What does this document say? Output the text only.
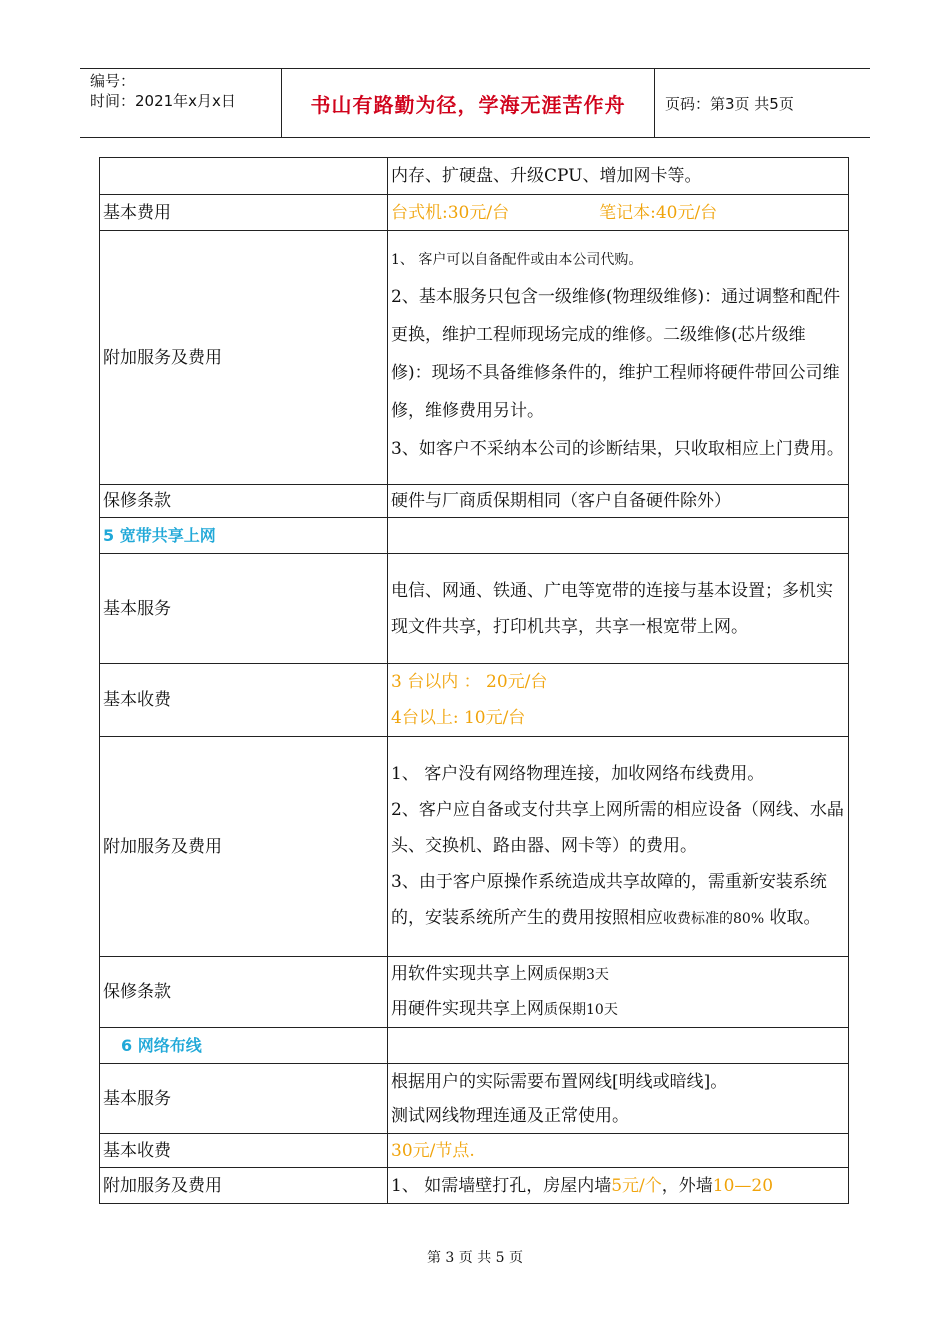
编号：
时间：2021年x月x日	书山有路勤为径，学海无涯苦作舟	页码：第3页 共5页
	内存、扩硬盘、升级CPU、增加网卡等。
基本费用	台式机:30元/台 笔记本:40元/台
附加服务及费用	1、 客户可以自备配件或由本公司代购。

2、基本服务只包含一级维修(物理级维修)：通过调整和配件更换，维护工程师现场完成的维修。二级维修(芯片级维修)：现场不具备维修条件的，维护工程师将硬件带回公司维修，维修费用另计。

3、如客户不采纳本公司的诊断结果，只收取相应上门费用。

保修条款	硬件与厂商质保期相同（客户自备硬件除外）
5 宽带共享上网	
基本服务	电信、网通、铁通、广电等宽带的连接与基本设置；多机实现文件共享，打印机共享，共享一根宽带上网。
基本收费	3 台以内 ： 20元/台
4台以上: 10元/台

附加服务及费用	1、 客户没有网络物理连接，加收网络布线费用。
2、客户应自备或支付共享上网所需的相应设备（网线、水晶头、交换机、路由器、网卡等）的费用。
3、由于客户原操作系统造成共享故障的，需重新安装系统的，安装系统所产生的费用按照相应收费标准的80% 收取。

保修条款	用软件实现共享上网质保期3天
用硬件实现共享上网质保期10天

6 网络布线	
基本服务	根据用户的实际需要布置网线[明线或暗线]。
测试网线物理连通及正常使用。

基本收费	30元/节点.
附加服务及费用	1、 如需墙壁打孔，房屋内墙5元/个，外墙10—20
第 3 页 共 5 页
